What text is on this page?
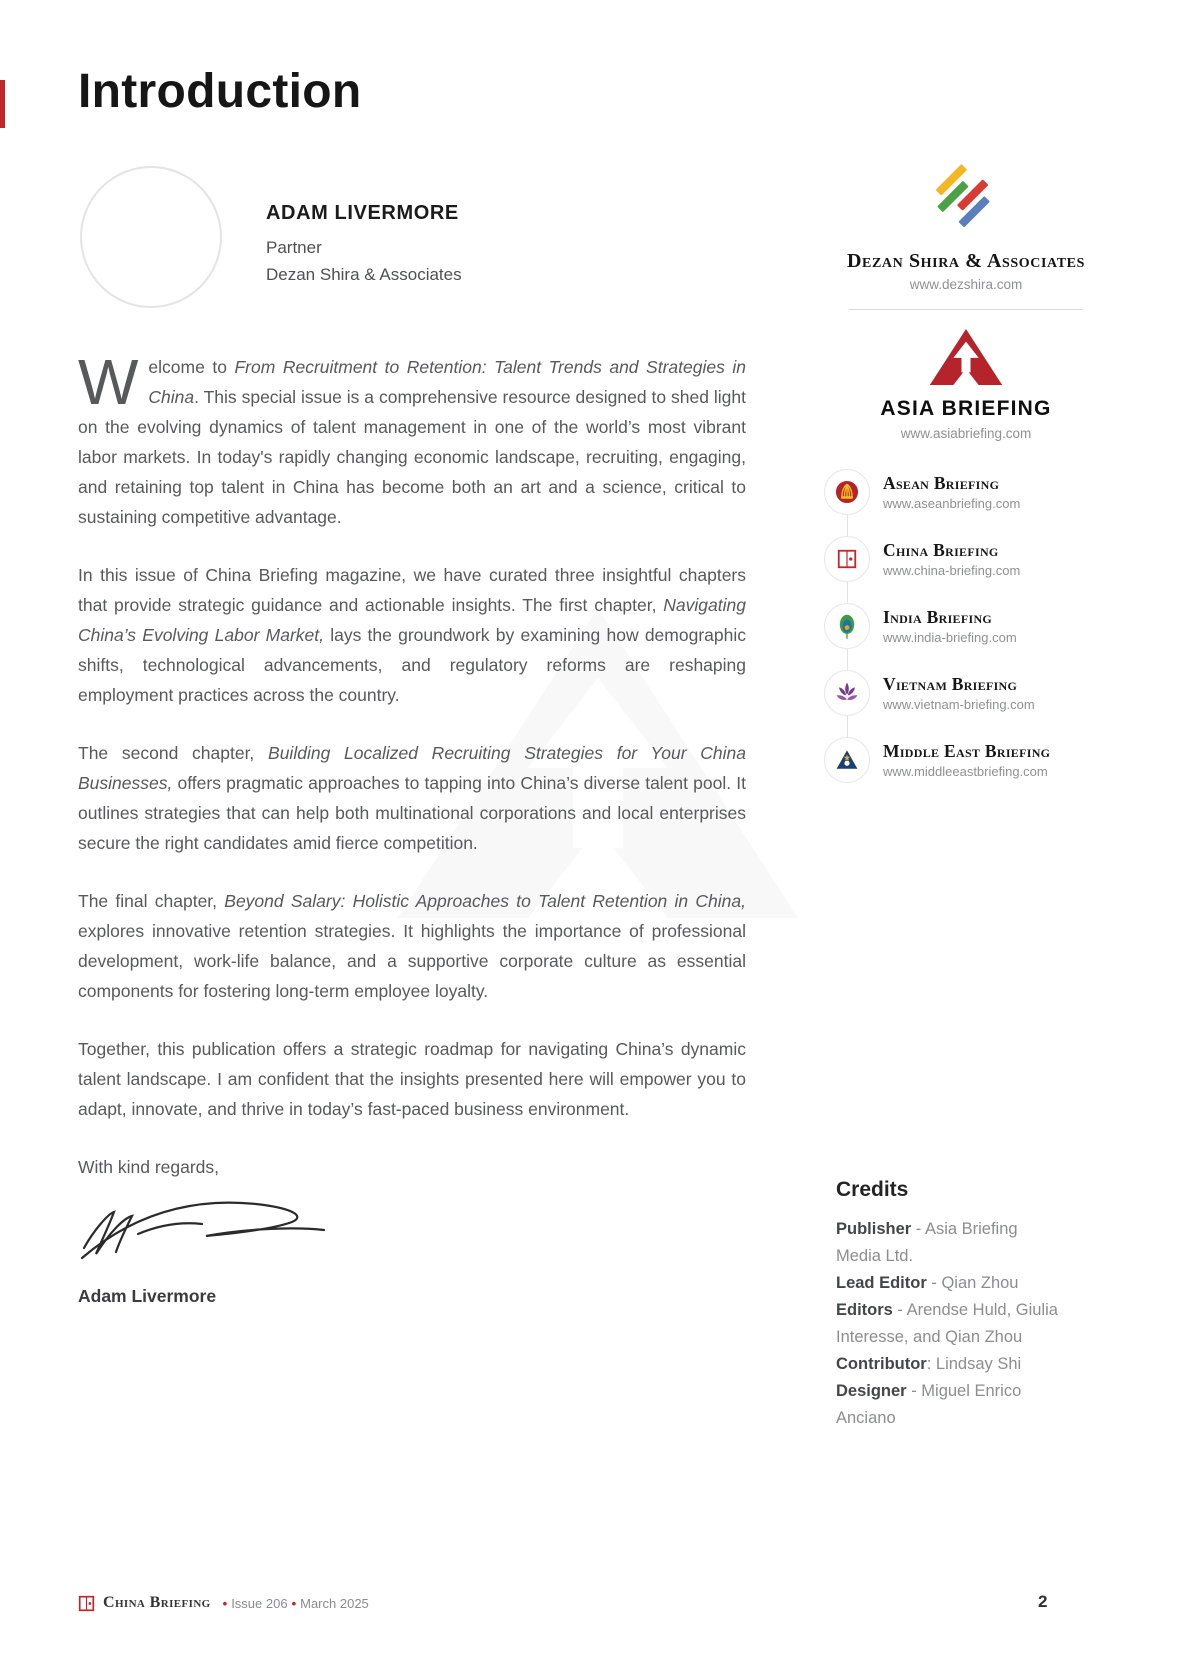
Introduction
ADAM LIVERMORE
Partner
Dezan Shira & Associates

Welcome to From Recruitment to Retention: Talent Trends and Strategies in China. This special issue is a comprehensive resource designed to shed light on the evolving dynamics of talent management in one of the world’s most vibrant labor markets. In today's rapidly changing economic landscape, recruiting, engaging, and retaining top talent in China has become both an art and a science, critical to sustaining competitive advantage.

In this issue of China Briefing magazine, we have curated three insightful chapters that provide strategic guidance and actionable insights. The first chapter, Navigating China’s Evolving Labor Market, lays the groundwork by examining how demographic shifts, technological advancements, and regulatory reforms are reshaping employment practices across the country.

The second chapter, Building Localized Recruiting Strategies for Your China Businesses, offers pragmatic approaches to tapping into China’s diverse talent pool. It outlines strategies that can help both multinational corporations and local enterprises secure the right candidates amid fierce competition.

The final chapter, Beyond Salary: Holistic Approaches to Talent Retention in China, explores innovative retention strategies. It highlights the importance of professional development, work-life balance, and a supportive corporate culture as essential components for fostering long-term employee loyalty.

Together, this publication offers a strategic roadmap for navigating China’s dynamic talent landscape. I am confident that the insights presented here will empower you to adapt, innovate, and thrive in today’s fast-paced business environment.

With kind regards,

Adam Livermore
Dezan Shira & Associates
www.dezshira.com
ASIA BRIEFING
www.asiabriefing.com
Asean Briefing
www.aseanbriefing.com
China Briefing
www.china-briefing.com
India Briefing
www.india-briefing.com
Vietnam Briefing
www.vietnam-briefing.com
Middle East Briefing
www.middleeastbriefing.com
Credits
Publisher - Asia Briefing Media Ltd.
Lead Editor - Qian Zhou
Editors - Arendse Huld, Giulia Interesse, and Qian Zhou
Contributor: Lindsay Shi
Designer - Miguel Enrico Anciano
China Briefing • Issue 206 • March 2025	2
